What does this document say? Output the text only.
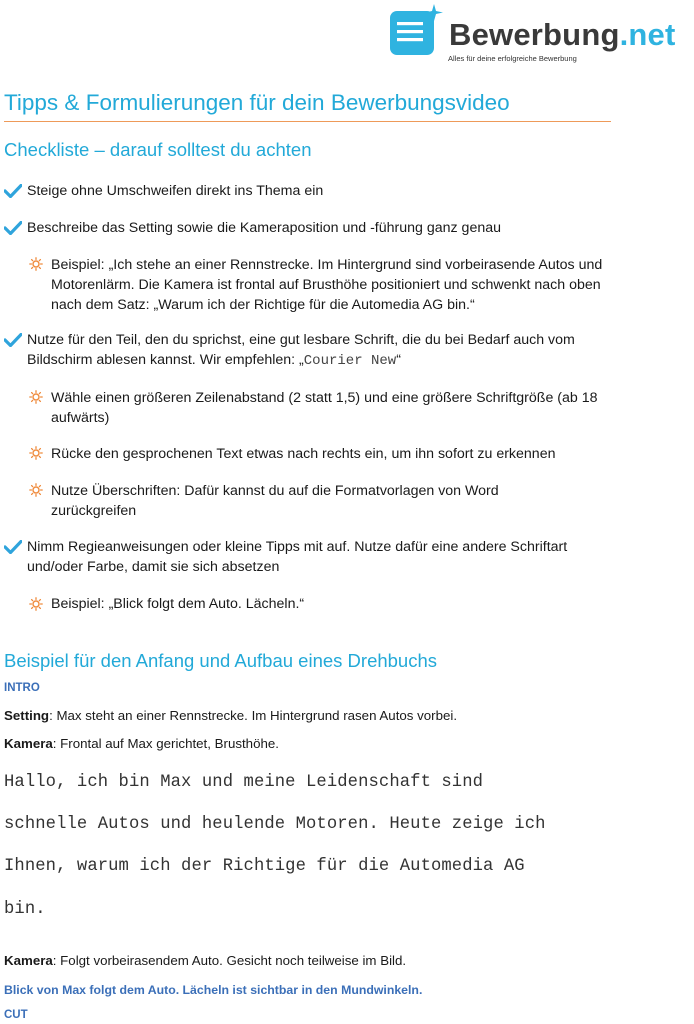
Bewerbung.net
Alles für deine erfolgreiche Bewerbung
Tipps & Formulierungen für dein Bewerbungsvideo
Checkliste – darauf solltest du achten
Steige ohne Umschweifen direkt ins Thema ein
Beschreibe das Setting sowie die Kameraposition und -führung ganz genau
Beispiel: „Ich stehe an einer Rennstrecke. Im Hintergrund sind vorbeirasende Autos und Motorenlärm. Die Kamera ist frontal auf Brusthöhe positioniert und schwenkt nach oben nach dem Satz: „Warum ich der Richtige für die Automedia AG bin.“
Nutze für den Teil, den du sprichst, eine gut lesbare Schrift, die du bei Bedarf auch vom Bildschirm ablesen kannst. Wir empfehlen: „Courier New“
Wähle einen größeren Zeilenabstand (2 statt 1,5) und eine größere Schriftgröße (ab 18 aufwärts)
Rücke den gesprochenen Text etwas nach rechts ein, um ihn sofort zu erkennen
Nutze Überschriften: Dafür kannst du auf die Formatvorlagen von Word zurückgreifen
Nimm Regieanweisungen oder kleine Tipps mit auf. Nutze dafür eine andere Schriftart und/oder Farbe, damit sie sich absetzen
Beispiel: „Blick folgt dem Auto. Lächeln.“
Beispiel für den Anfang und Aufbau eines Drehbuchs
INTRO
Setting: Max steht an einer Rennstrecke. Im Hintergrund rasen Autos vorbei.
Kamera: Frontal auf Max gerichtet, Brusthöhe.
Hallo, ich bin Max und meine Leidenschaft sind
schnelle Autos und heulende Motoren. Heute zeige ich
Ihnen, warum ich der Richtige für die Automedia AG
bin.
Kamera: Folgt vorbeirasendem Auto. Gesicht noch teilweise im Bild.
Blick von Max folgt dem Auto. Lächeln ist sichtbar in den Mundwinkeln.
CUT
